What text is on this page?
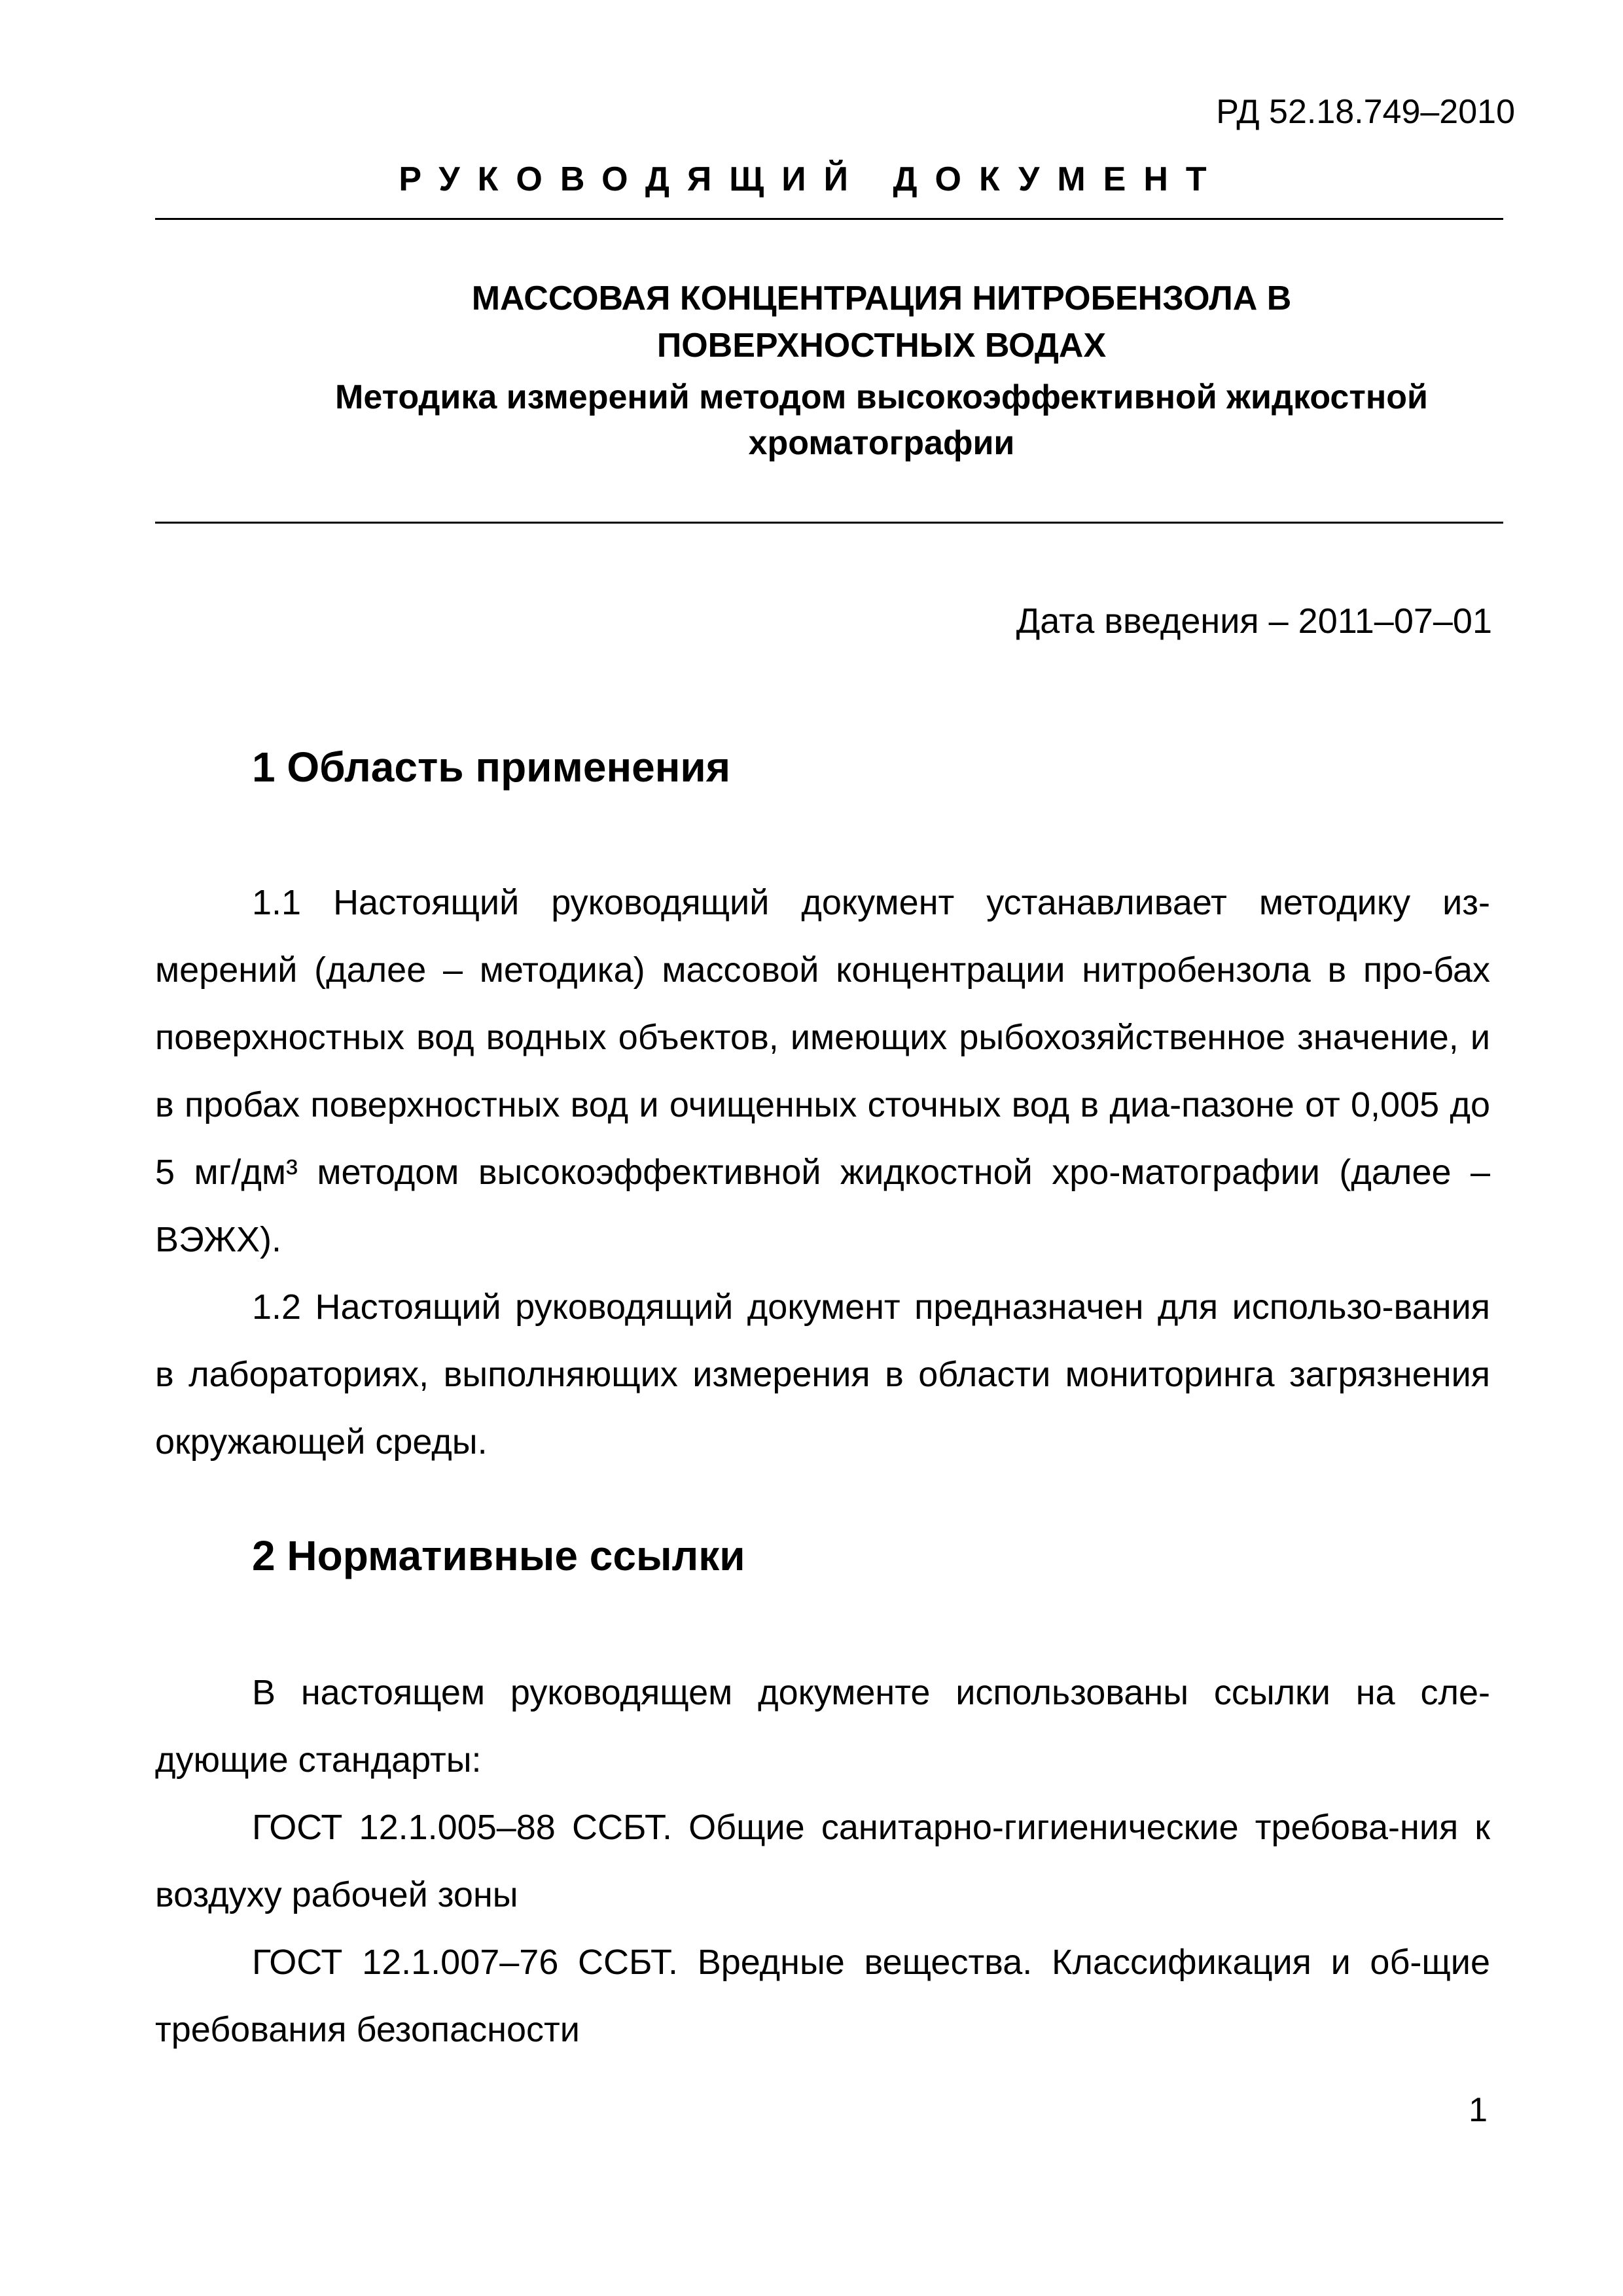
РД 52.18.749–2010

РУКОВОДЯЩИЙ ДОКУМЕНТ

МАССОВАЯ КОНЦЕНТРАЦИЯ НИТРОБЕНЗОЛА В ПОВЕРХНОСТНЫХ ВОДАХ

Методика измерений методом высокоэффективной жидкостной хроматографии

Дата введения – 2011–07–01

1 Область применения

1.1 Настоящий руководящий документ устанавливает методику из-мерений (далее – методика) массовой концентрации нитробензола в про-бах поверхностных вод водных объектов, имеющих рыбохозяйственное значение, и в пробах поверхностных вод и очищенных сточных вод в диа-пазоне от 0,005 до 5 мг/дм³ методом высокоэффективной жидкостной хро-матографии (далее – ВЭЖХ).

1.2 Настоящий руководящий документ предназначен для использо-вания в лабораториях, выполняющих измерения в области мониторинга загрязнения окружающей среды.

2 Нормативные ссылки

В настоящем руководящем документе использованы ссылки на сле-дующие стандарты:

ГОСТ 12.1.005–88 ССБТ. Общие санитарно-гигиенические требова-ния к воздуху рабочей зоны

ГОСТ 12.1.007–76 ССБТ. Вредные вещества. Классификация и об-щие требования безопасности

1
